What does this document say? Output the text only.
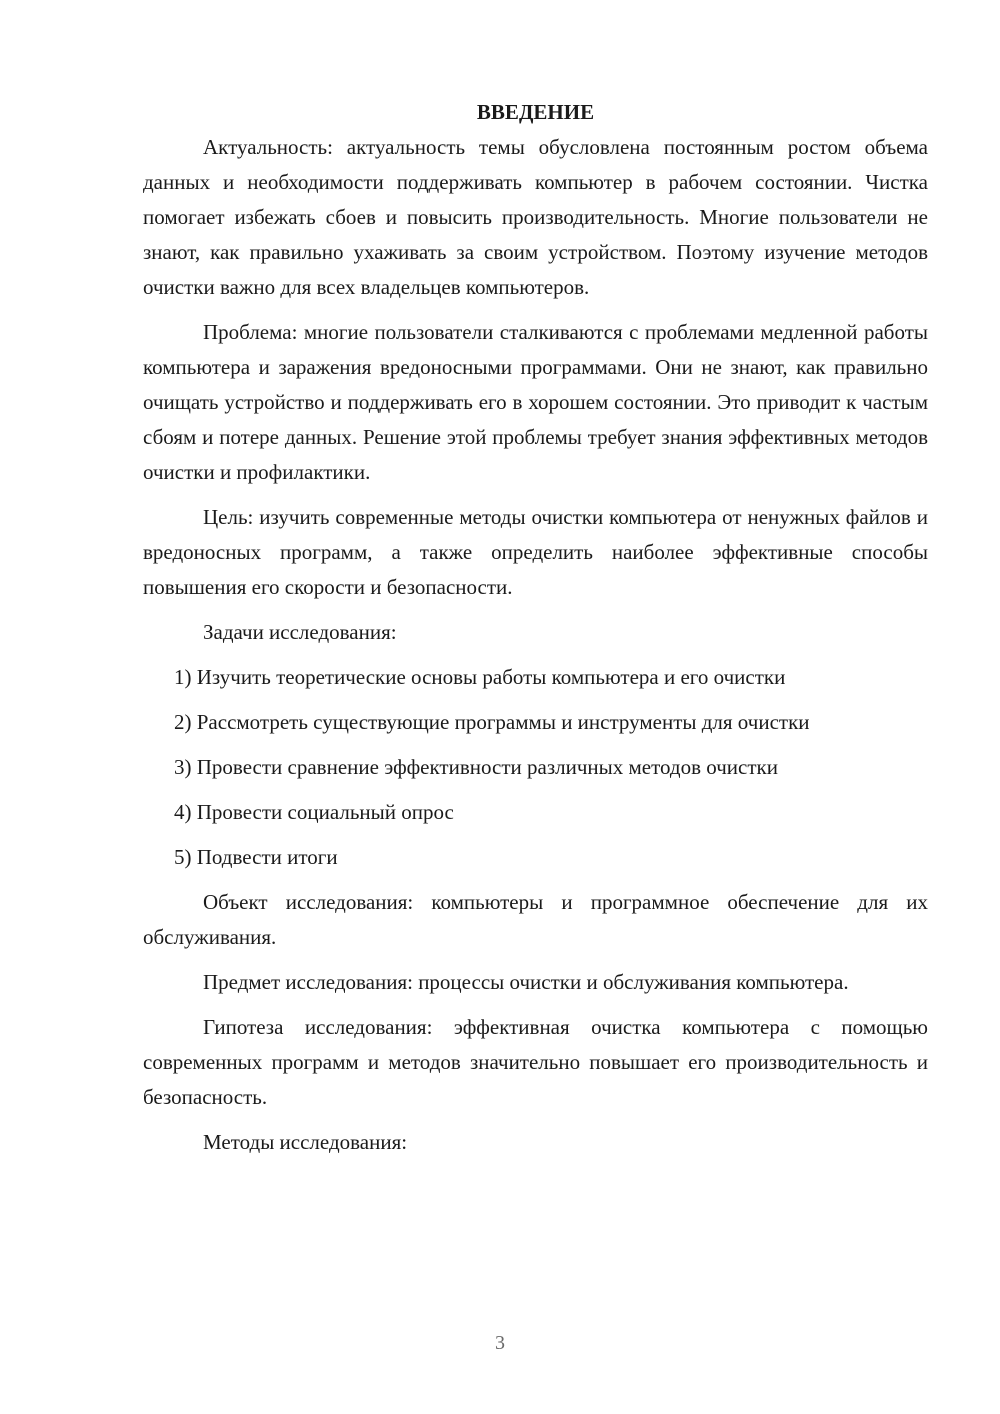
ВВЕДЕНИЕ

Актуальность: актуальность темы обусловлена постоянным ростом объема данных и необходимости поддерживать компьютер в рабочем состоянии. Чистка помогает избежать сбоев и повысить производительность. Многие пользователи не знают, как правильно ухаживать за своим устройством. Поэтому изучение методов очистки важно для всех владельцев компьютеров.

Проблема: многие пользователи сталкиваются с проблемами медленной работы компьютера и заражения вредоносными программами. Они не знают, как правильно очищать устройство и поддерживать его в хорошем состоянии. Это приводит к частым сбоям и потере данных. Решение этой проблемы требует знания эффективных методов очистки и профилактики.

Цель: изучить современные методы очистки компьютера от ненужных файлов и вредоносных программ, а также определить наиболее эффективные способы повышения его скорости и безопасности.

Задачи исследования:

1) Изучить теоретические основы работы компьютера и его очистки
2) Рассмотреть существующие программы и инструменты для очистки
3) Провести сравнение эффективности различных методов очистки
4) Провести социальный опрос
5) Подвести итоги

Объект исследования: компьютеры и программное обеспечение для их обслуживания.

Предмет исследования: процессы очистки и обслуживания компьютера.

Гипотеза исследования: эффективная очистка компьютера с помощью современных программ и методов значительно повышает его производительность и безопасность.

Методы исследования:

3
